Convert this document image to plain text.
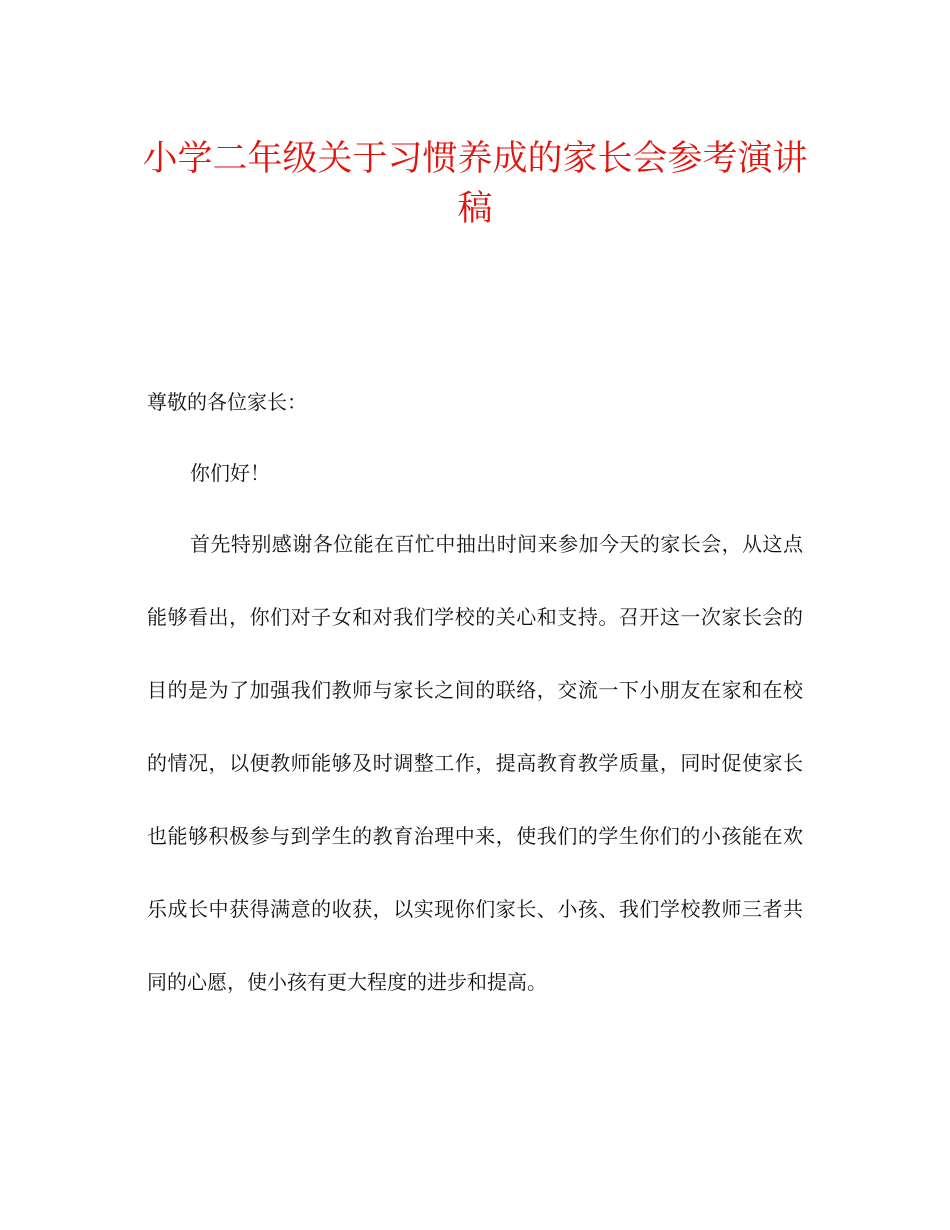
小学二年级关于习惯养成的家长会参考演讲稿

尊敬的各位家长：

你们好！

首先特别感谢各位能在百忙中抽出时间来参加今天的家长会，从这点能够看出，你们对子女和对我们学校的关心和支持。召开这一次家长会的目的是为了加强我们教师与家长之间的联络，交流一下小朋友在家和在校的情况，以便教师能够及时调整工作，提高教育教学质量，同时促使家长也能够积极参与到学生的教育治理中来，使我们的学生你们的小孩能在欢乐成长中获得满意的收获，以实现你们家长、小孩、我们学校教师三者共同的心愿，使小孩有更大程度的进步和提高。
